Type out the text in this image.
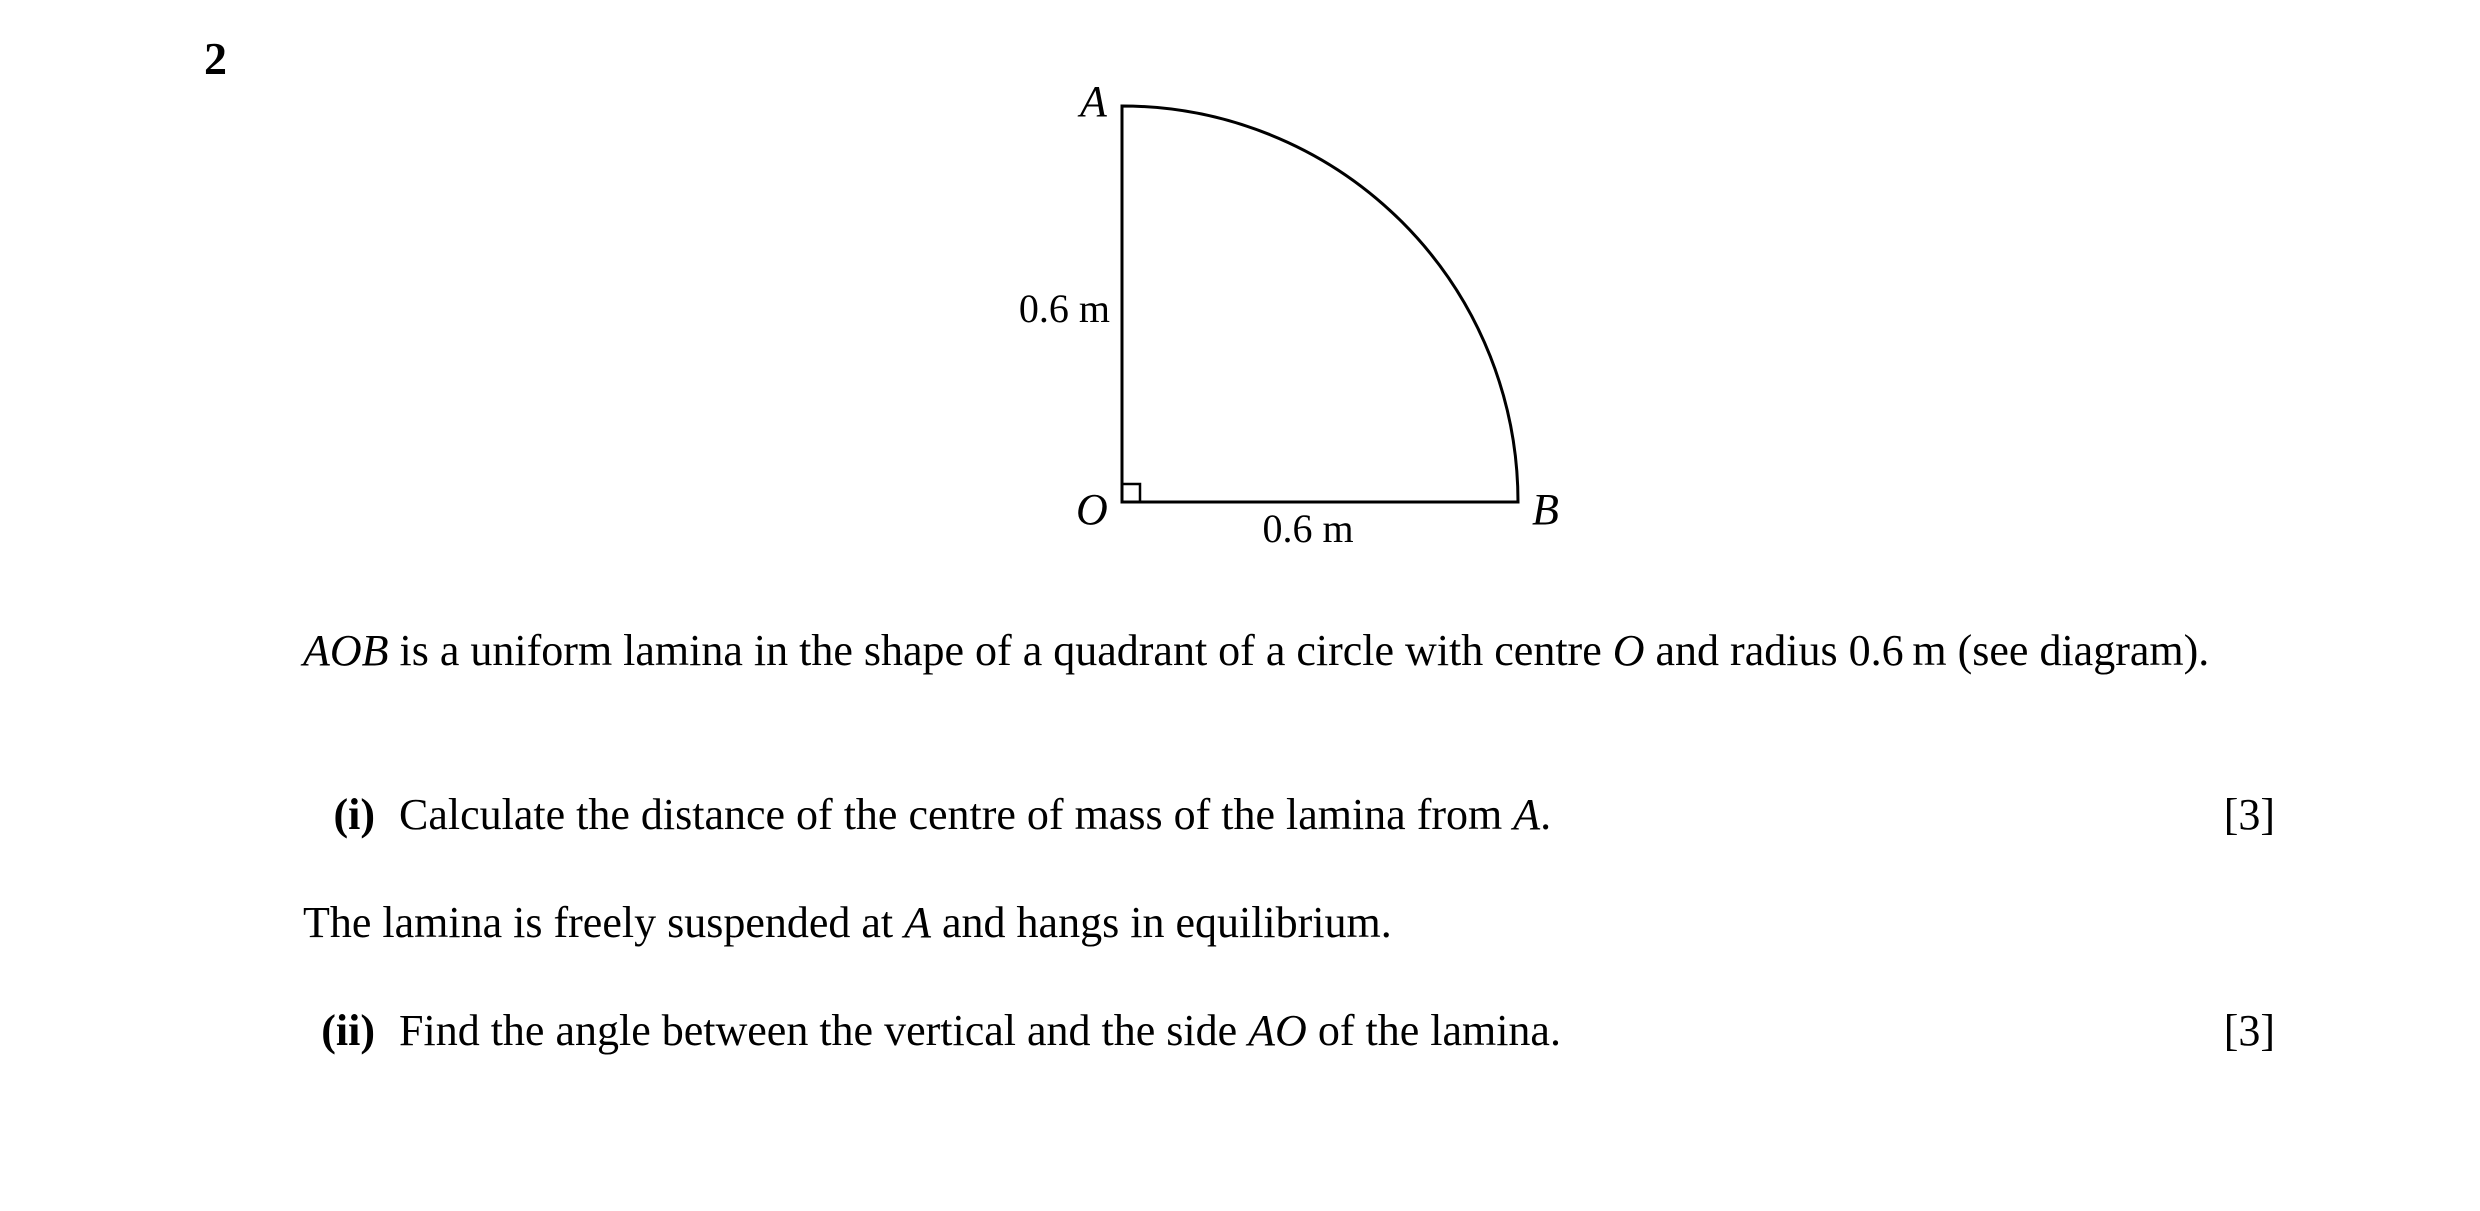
2
A
O	B
0.6 m
0.6 m
AOB is a uniform lamina in the shape of a quadrant of a circle with centre O and radius 0.6 m (see diagram).
(i) Calculate the distance of the centre of mass of the lamina from A.	[3]
The lamina is freely suspended at A and hangs in equilibrium.
(ii) Find the angle between the vertical and the side AO of the lamina.	[3]
